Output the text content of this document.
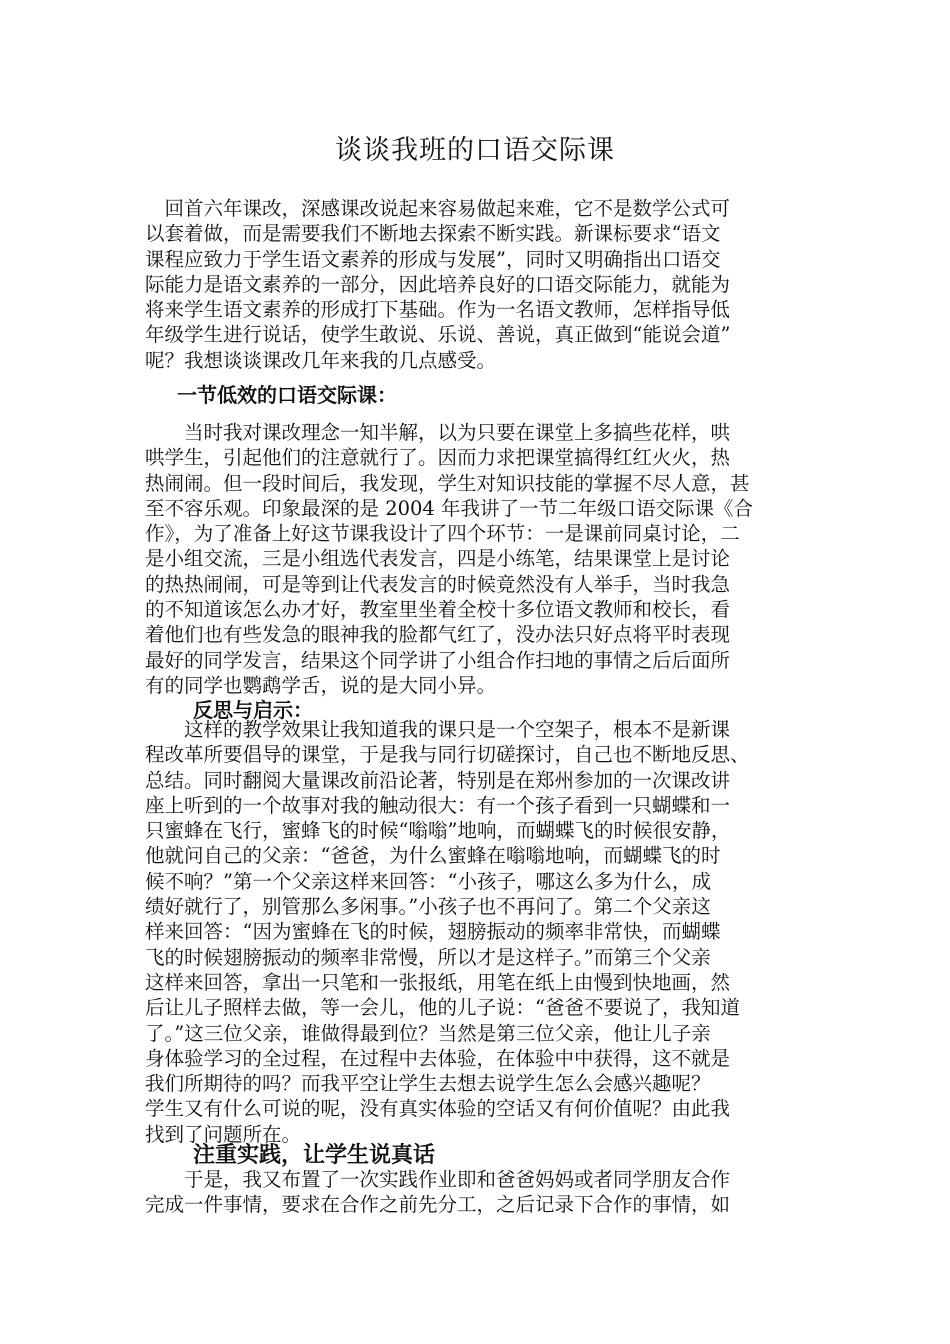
谈谈我班的口语交际课
　回首六年课改，深感课改说起来容易做起来难，它不是数学公式可
以套着做，而是需要我们不断地去探索不断实践。新课标要求“语文
课程应致力于学生语文素养的形成与发展”，同时又明确指出口语交
际能力是语文素养的一部分，因此培养良好的口语交际能力，就能为
将来学生语文素养的形成打下基础。作为一名语文教师，怎样指导低
年级学生进行说话，使学生敢说、乐说、善说，真正做到“能说会道”
呢？我想谈谈课改几年来我的几点感受。
一节低效的口语交际课：
　　当时我对课改理念一知半解，以为只要在课堂上多搞些花样，哄
哄学生，引起他们的注意就行了。因而力求把课堂搞得红红火火，热
热闹闹。但一段时间后，我发现，学生对知识技能的掌握不尽人意，甚
至不容乐观。印象最深的是 2004 年我讲了一节二年级口语交际课《合
作》，为了准备上好这节课我设计了四个环节：一是课前同桌讨论，二
是小组交流，三是小组选代表发言，四是小练笔，结果课堂上是讨论
的热热闹闹，可是等到让代表发言的时候竟然没有人举手，当时我急
的不知道该怎么办才好，教室里坐着全校十多位语文教师和校长，看
着他们也有些发急的眼神我的脸都气红了，没办法只好点将平时表现
最好的同学发言，结果这个同学讲了小组合作扫地的事情之后后面所
有的同学也鹦鹉学舌，说的是大同小异。
反思与启示：
　　这样的教学效果让我知道我的课只是一个空架子，根本不是新课
程改革所要倡导的课堂，于是我与同行切磋探讨，自己也不断地反思、
总结。同时翻阅大量课改前沿论著，特别是在郑州参加的一次课改讲
座上听到的一个故事对我的触动很大：有一个孩子看到一只蝴蝶和一
只蜜蜂在飞行，蜜蜂飞的时候“嗡嗡”地响，而蝴蝶飞的时候很安静，
他就问自己的父亲：“爸爸，为什么蜜蜂在嗡嗡地响，而蝴蝶飞的时
候不响？”第一个父亲这样来回答：“小孩子，哪这么多为什么，成
绩好就行了，别管那么多闲事。”小孩子也不再问了。第二个父亲这
样来回答：“因为蜜蜂在飞的时候，翅膀振动的频率非常快，而蝴蝶
飞的时候翅膀振动的频率非常慢，所以才是这样子。”而第三个父亲
这样来回答，拿出一只笔和一张报纸，用笔在纸上由慢到快地画，然
后让儿子照样去做，等一会儿，他的儿子说：“爸爸不要说了，我知道
了。”这三位父亲，谁做得最到位？当然是第三位父亲，他让儿子亲
身体验学习的全过程，在过程中去体验，在体验中中获得，这不就是
我们所期待的吗？而我平空让学生去想去说学生怎么会感兴趣呢？
学生又有什么可说的呢，没有真实体验的空话又有何价值呢？由此我
找到了问题所在。
注重实践，让学生说真话
　　于是，我又布置了一次实践作业即和爸爸妈妈或者同学朋友合作
完成一件事情，要求在合作之前先分工，之后记录下合作的事情，如
